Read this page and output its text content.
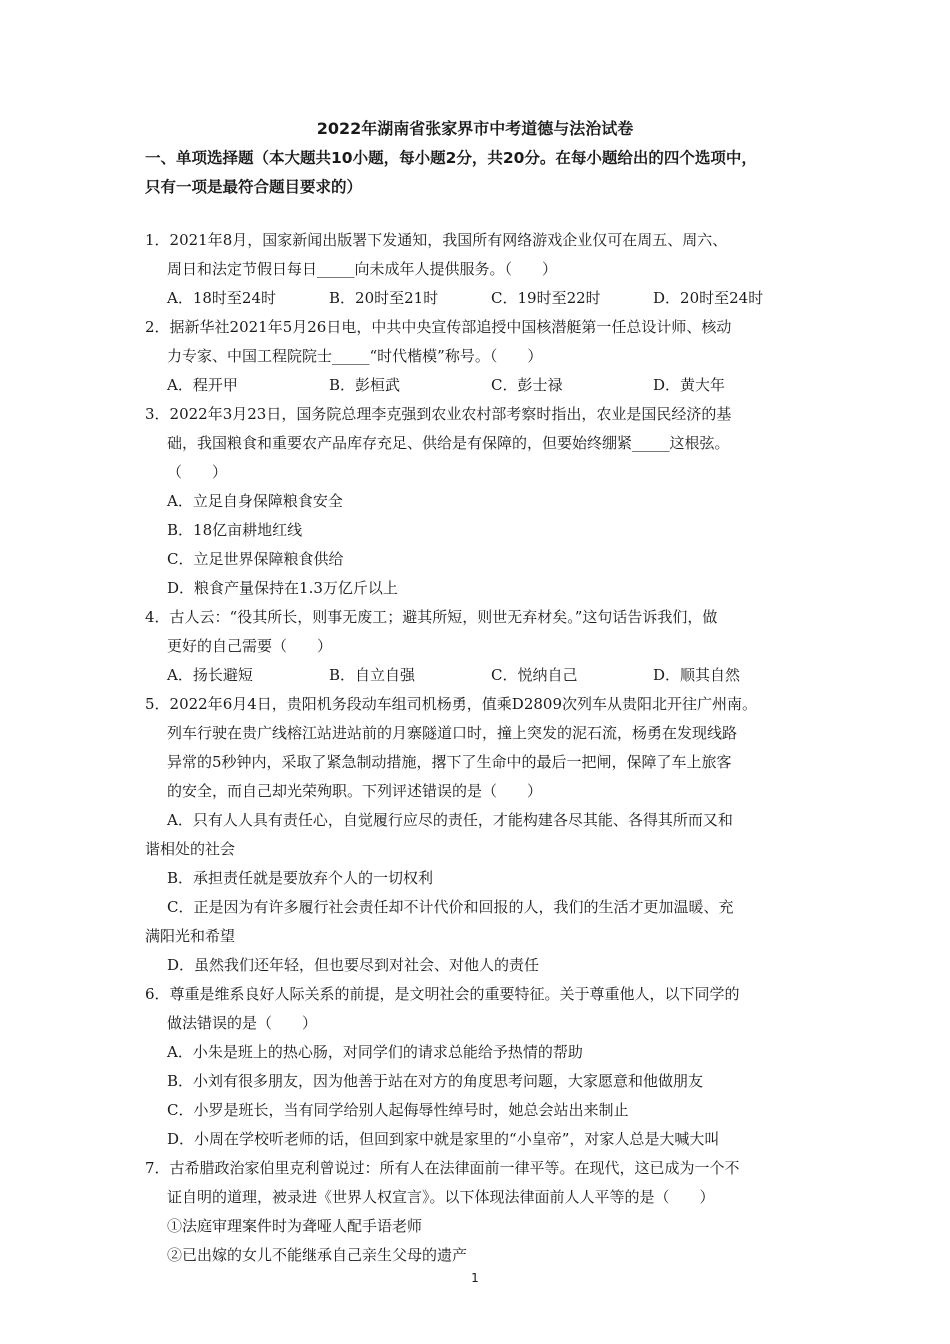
2022年湖南省张家界市中考道德与法治试卷
一、单项选择题（本大题共10小题，每小题2分，共20分。在每小题给出的四个选项中，
只有一项是最符合题目要求的）
1．2021年8月，国家新闻出版署下发通知，我国所有网络游戏企业仅可在周五、周六、
周日和法定节假日每日_____向未成年人提供服务。（　　）
A．18时至24时	B．20时至21时	C．19时至22时	D．20时至24时
2．据新华社2021年5月26日电，中共中央宣传部追授中国核潜艇第一任总设计师、核动
力专家、中国工程院院士_____“时代楷模”称号。（　　）
A．程开甲	B．彭桓武	C．彭士禄	D．黄大年
3．2022年3月23日，国务院总理李克强到农业农村部考察时指出，农业是国民经济的基
础，我国粮食和重要农产品库存充足、供给是有保障的，但要始终绷紧_____这根弦。
（　　）
A．立足自身保障粮食安全
B．18亿亩耕地红线
C．立足世界保障粮食供给
D．粮食产量保持在1.3万亿斤以上
4．古人云：“役其所长，则事无废工；避其所短，则世无弃材矣。”这句话告诉我们，做
更好的自己需要（　　）
A．扬长避短	B．自立自强	C．悦纳自己	D．顺其自然
5．2022年6月4日，贵阳机务段动车组司机杨勇，值乘D2809次列车从贵阳北开往广州南。
列车行驶在贵广线榕江站进站前的月寨隧道口时，撞上突发的泥石流，杨勇在发现线路
异常的5秒钟内，采取了紧急制动措施，撂下了生命中的最后一把闸，保障了车上旅客
的安全，而自己却光荣殉职。下列评述错误的是（　　）
A．只有人人具有责任心，自觉履行应尽的责任，才能构建各尽其能、各得其所而又和
谐相处的社会
B．承担责任就是要放弃个人的一切权利
C．正是因为有许多履行社会责任却不计代价和回报的人，我们的生活才更加温暖、充
满阳光和希望
D．虽然我们还年轻，但也要尽到对社会、对他人的责任
6．尊重是维系良好人际关系的前提，是文明社会的重要特征。关于尊重他人，以下同学的
做法错误的是（　　）
A．小朱是班上的热心肠，对同学们的请求总能给予热情的帮助
B．小刘有很多朋友，因为他善于站在对方的角度思考问题，大家愿意和他做朋友
C．小罗是班长，当有同学给别人起侮辱性绰号时，她总会站出来制止
D．小周在学校听老师的话，但回到家中就是家里的“小皇帝”，对家人总是大喊大叫
7．古希腊政治家伯里克利曾说过：所有人在法律面前一律平等。在现代，这已成为一个不
证自明的道理，被录进《世界人权宣言》。以下体现法律面前人人平等的是（　　）
①法庭审理案件时为聋哑人配手语老师
②已出嫁的女儿不能继承自己亲生父母的遗产
1
